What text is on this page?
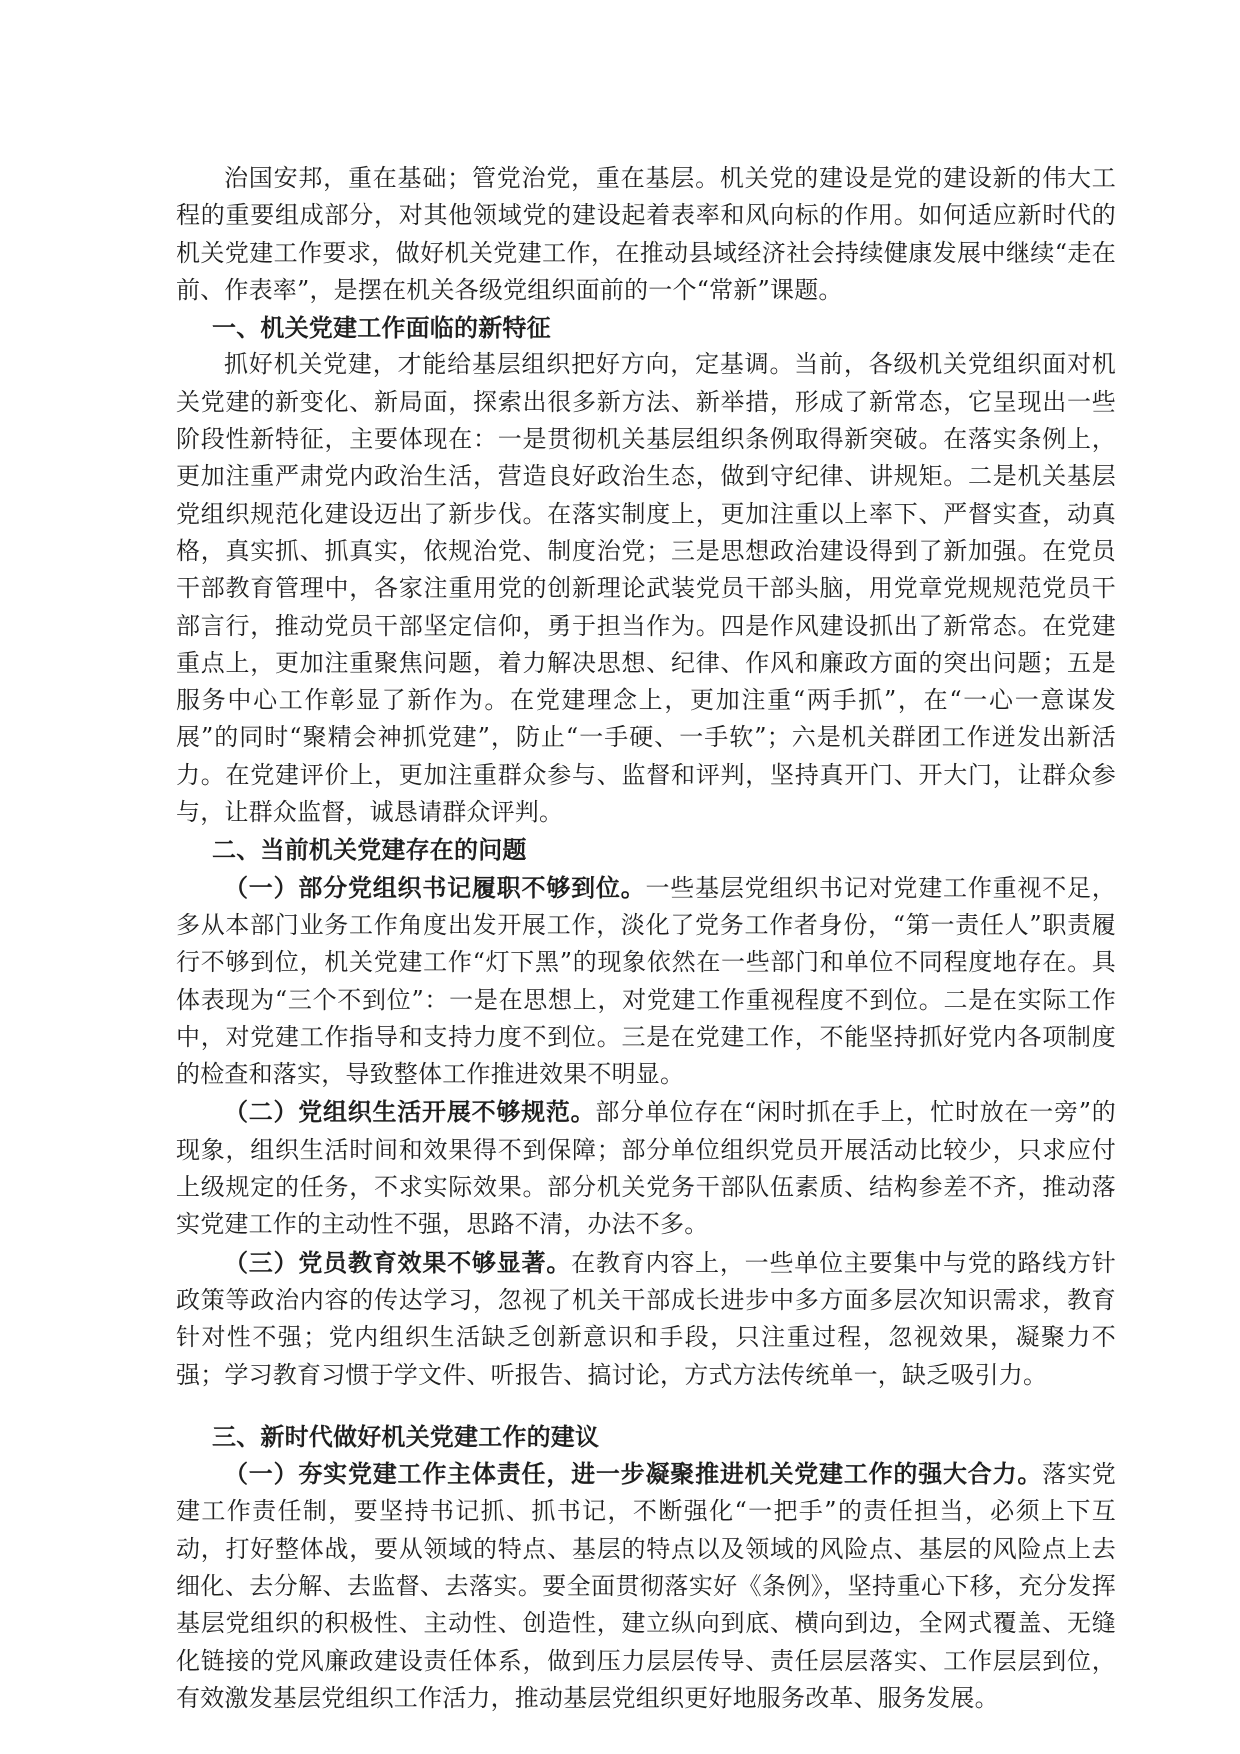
治国安邦，重在基础；管党治党，重在基层。机关党的建设是党的建设新的伟大工程的重要组成部分，对其他领域党的建设起着表率和风向标的作用。如何适应新时代的机关党建工作要求，做好机关党建工作，在推动县域经济社会持续健康发展中继续“走在前、作表率”，是摆在机关各级党组织面前的一个“常新”课题。

一、机关党建工作面临的新特征

抓好机关党建，才能给基层组织把好方向，定基调。当前，各级机关党组织面对机关党建的新变化、新局面，探索出很多新方法、新举措，形成了新常态，它呈现出一些阶段性新特征，主要体现在：一是贯彻机关基层组织条例取得新突破。在落实条例上，更加注重严肃党内政治生活，营造良好政治生态，做到守纪律、讲规矩。二是机关基层党组织规范化建设迈出了新步伐。在落实制度上，更加注重以上率下、严督实查，动真格，真实抓、抓真实，依规治党、制度治党；三是思想政治建设得到了新加强。在党员干部教育管理中，各家注重用党的创新理论武装党员干部头脑，用党章党规规范党员干部言行，推动党员干部坚定信仰，勇于担当作为。四是作风建设抓出了新常态。在党建重点上，更加注重聚焦问题，着力解决思想、纪律、作风和廉政方面的突出问题；五是服务中心工作彰显了新作为。在党建理念上，更加注重“两手抓”，在“一心一意谋发展”的同时“聚精会神抓党建”，防止“一手硬、一手软”；六是机关群团工作迸发出新活力。在党建评价上，更加注重群众参与、监督和评判，坚持真开门、开大门，让群众参与，让群众监督，诚恳请群众评判。

二、当前机关党建存在的问题

（一）部分党组织书记履职不够到位。一些基层党组织书记对党建工作重视不足，多从本部门业务工作角度出发开展工作，淡化了党务工作者身份，“第一责任人”职责履行不够到位，机关党建工作“灯下黑”的现象依然在一些部门和单位不同程度地存在。具体表现为“三个不到位”：一是在思想上，对党建工作重视程度不到位。二是在实际工作中，对党建工作指导和支持力度不到位。三是在党建工作，不能坚持抓好党内各项制度的检查和落实，导致整体工作推进效果不明显。

（二）党组织生活开展不够规范。部分单位存在“闲时抓在手上，忙时放在一旁”的现象，组织生活时间和效果得不到保障；部分单位组织党员开展活动比较少，只求应付上级规定的任务，不求实际效果。部分机关党务干部队伍素质、结构参差不齐，推动落实党建工作的主动性不强，思路不清，办法不多。

（三）党员教育效果不够显著。在教育内容上，一些单位主要集中与党的路线方针政策等政治内容的传达学习，忽视了机关干部成长进步中多方面多层次知识需求，教育针对性不强；党内组织生活缺乏创新意识和手段，只注重过程，忽视效果，凝聚力不强；学习教育习惯于学文件、听报告、搞讨论，方式方法传统单一，缺乏吸引力。

三、新时代做好机关党建工作的建议

（一）夯实党建工作主体责任，进一步凝聚推进机关党建工作的强大合力。落实党建工作责任制，要坚持书记抓、抓书记，不断强化“一把手”的责任担当，必须上下互动，打好整体战，要从领域的特点、基层的特点以及领域的风险点、基层的风险点上去细化、去分解、去监督、去落实。要全面贯彻落实好《条例》，坚持重心下移，充分发挥基层党组织的积极性、主动性、创造性，建立纵向到底、横向到边，全网式覆盖、无缝化链接的党风廉政建设责任体系，做到压力层层传导、责任层层落实、工作层层到位，有效激发基层党组织工作活力，推动基层党组织更好地服务改革、服务发展。
